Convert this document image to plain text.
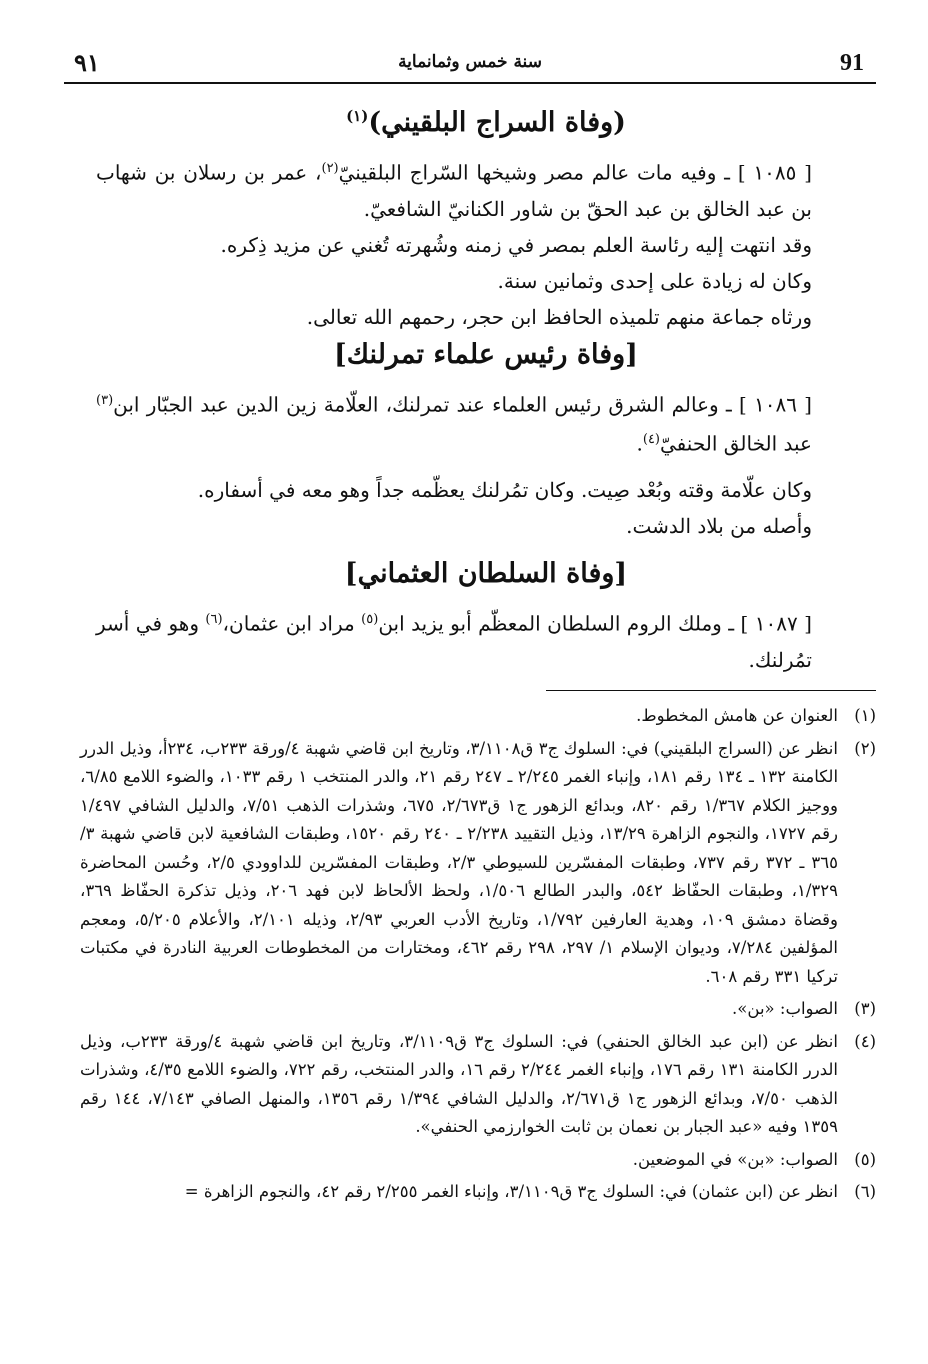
٩١	سنة خمس وثمانماية	91
(وفاة السراج البلقيني)$^{(١)}$

[ ١٠٨٥ ] ـ وفيه مات عالم مصر وشيخها السّراج البلقينيّ$^{(٢)}$، عمر بن رسلان بن شهاب بن عبد الخالق بن عبد الحقّ بن شاور الكنانيّ الشافعيّ.

وقد انتهت إليه رئاسة العلم بمصر في زمنه وشُهرته تُغني عن مزيد ذِكره.

وكان له زيادة على إحدى وثمانين سنة.

ورثاه جماعة منهم تلميذه الحافظ ابن حجر، رحمهم الله تعالى.

[وفاة رئيس علماء تمرلنك]

[ ١٠٨٦ ] ـ وعالم الشرق رئيس العلماء عند تمرلنك، العلّامة زين الدين عبد الجبّار ابن$^{(٣)}$ عبد الخالق الحنفيّ$^{(٤)}$.

وكان علّامة وقته وبُعْد صِيت. وكان تمُرلنك يعظّمه جداً وهو معه في أسفاره.

وأصله من بلاد الدشت.

[وفاة السلطان العثماني]

[ ١٠٨٧ ] ـ وملك الروم السلطان المعظّم أبو يزيد ابن$^{(٥)}$ مراد ابن عثمان،$^{(٦)}$ وهو في أسر تمُرلنك.

(١)
العنوان عن هامش المخطوط.

(٢)
انظر عن (السراج البلقيني) في: السلوك ج٣ ق٣/١١٠٨، وتاريخ ابن قاضي شهبة ٤/ورقة ٢٣٣ب، ٢٣٤أ، وذيل الدرر الكامنة ١٣٢ ـ ١٣٤ رقم ١٨١، وإنباء الغمر ٢/٢٤٥ ـ ٢٤٧ رقم ٢١، والدر المنتخب ١ رقم ١٠٣٣، والضوء اللامع ٦/٨٥، ووجيز الكلام ١/٣٦٧ رقم ٨٢٠، وبدائع الزهور ج١ ق٢/٦٧٣، ٦٧٥، وشذرات الذهب ٧/٥١، والدليل الشافي ١/٤٩٧ رقم ١٧٢٧، والنجوم الزاهرة ١٣/٢٩، وذيل التقييد ٢/٢٣٨ ـ ٢٤٠ رقم ١٥٢٠، وطبقات الشافعية لابن قاضي شهبة ٣/ ٣٦٥ ـ ٣٧٢ رقم ٧٣٧، وطبقات المفسّرين للسيوطي ٢/٣، وطبقات المفسّرين للداوودي ٢/٥، وحُسن المحاضرة ١/٣٢٩، وطبقات الحفّاظ ٥٤٢، والبدر الطالع ١/٥٠٦، ولحظ الألحاظ لابن فهد ٢٠٦، وذيل تذكرة الحفّاظ ٣٦٩، وقضاة دمشق ١٠٩، وهدية العارفين ١/٧٩٢، وتاريخ الأدب العربي ٢/٩٣، وذيله ٢/١٠١، والأعلام ٥/٢٠٥، ومعجم المؤلفين ٧/٢٨٤، وديوان الإسلام ١/ ٢٩٧، ٢٩٨ رقم ٤٦٢، ومختارات من المخطوطات العربية النادرة في مكتبات تركيا ٣٣١ رقم ٦٠٨.

(٣)
الصواب: «بن».

(٤)
انظر عن (ابن عبد الخالق الحنفي) في: السلوك ج٣ ق٣/١١٠٩، وتاريخ ابن قاضي شهبة ٤/ورقة ٢٣٣ب، وذيل الدرر الكامنة ١٣١ رقم ١٧٦، وإنباء الغمر ٢/٢٤٤ رقم ١٦، والدر المنتخب، رقم ٧٢٢، والضوء اللامع ٤/٣٥، وشذرات الذهب ٧/٥٠، وبدائع الزهور ج١ ق٢/٦٧١، والدليل الشافي ١/٣٩٤ رقم ١٣٥٦، والمنهل الصافي ٧/١٤٣، ١٤٤ رقم ١٣٥٩ وفيه «عبد الجبار بن نعمان بن ثابت الخوارزمي الحنفي».

(٥)
الصواب: «بن» في الموضعين.

(٦)
انظر عن (ابن عثمان) في: السلوك ج٣ ق٣/١١٠٩، وإنباء الغمر ٢/٢٥٥ رقم ٤٢، والنجوم الزاهرة =
